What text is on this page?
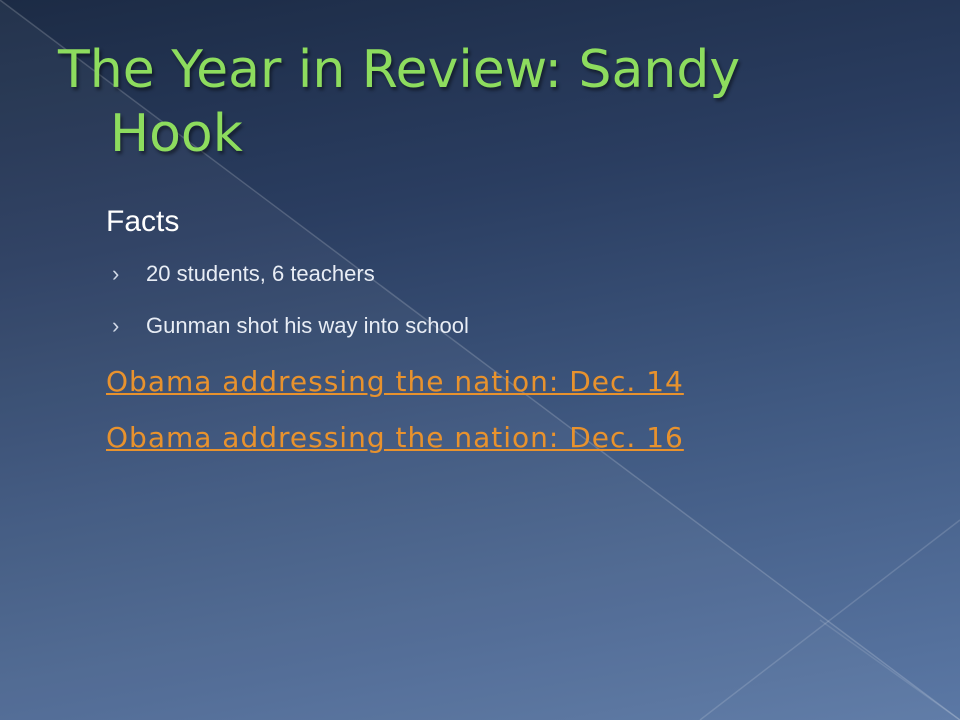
The Year in Review: Sandy
Hook
Facts
›	20 students, 6 teachers
›	Gunman shot his way into school
Obama addressing the nation: Dec. 14
Obama addressing the nation: Dec. 16
